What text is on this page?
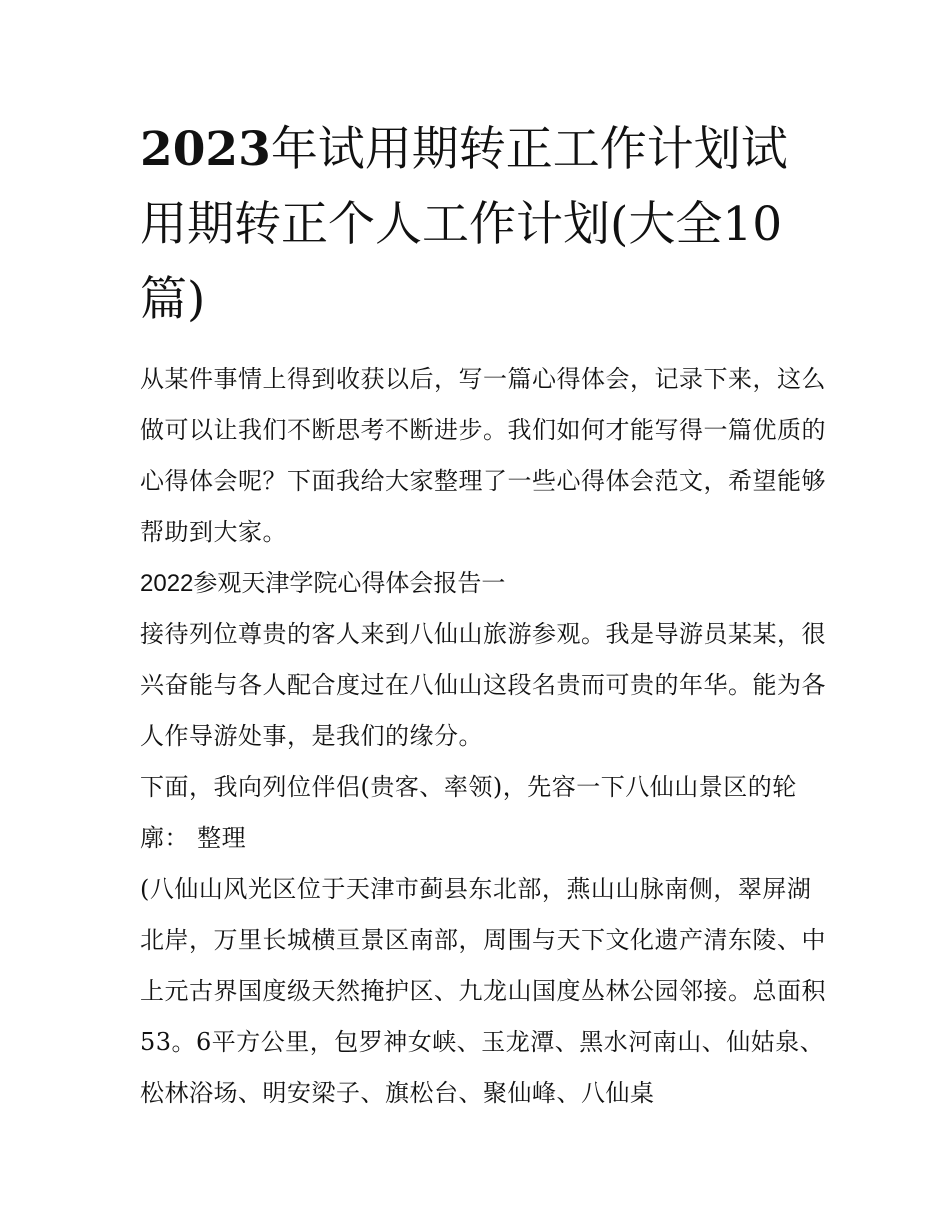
2023年试用期转正工作计划试用期转正个人工作计划(大全10篇)

从某件事情上得到收获以后，写一篇心得体会，记录下来，这么做可以让我们不断思考不断进步。我们如何才能写得一篇优质的心得体会呢？下面我给大家整理了一些心得体会范文，希望能够帮助到大家。

2022参观天津学院心得体会报告一

接待列位尊贵的客人来到八仙山旅游参观。我是导游员某某，很兴奋能与各人配合度过在八仙山这段名贵而可贵的年华。能为各人作导游处事，是我们的缘分。

下面，我向列位伴侣(贵客、率领)，先容一下八仙山景区的轮廓： 整理

(八仙山风光区位于天津市蓟县东北部，燕山山脉南侧，翠屏湖北岸，万里长城横亘景区南部，周围与天下文化遗产清东陵、中上元古界国度级天然掩护区、九龙山国度丛林公园邻接。总面积53。6平方公里，包罗神女峡、玉龙潭、黑水河南山、仙姑泉、松林浴场、明安梁子、旗松台、聚仙峰、八仙桌
